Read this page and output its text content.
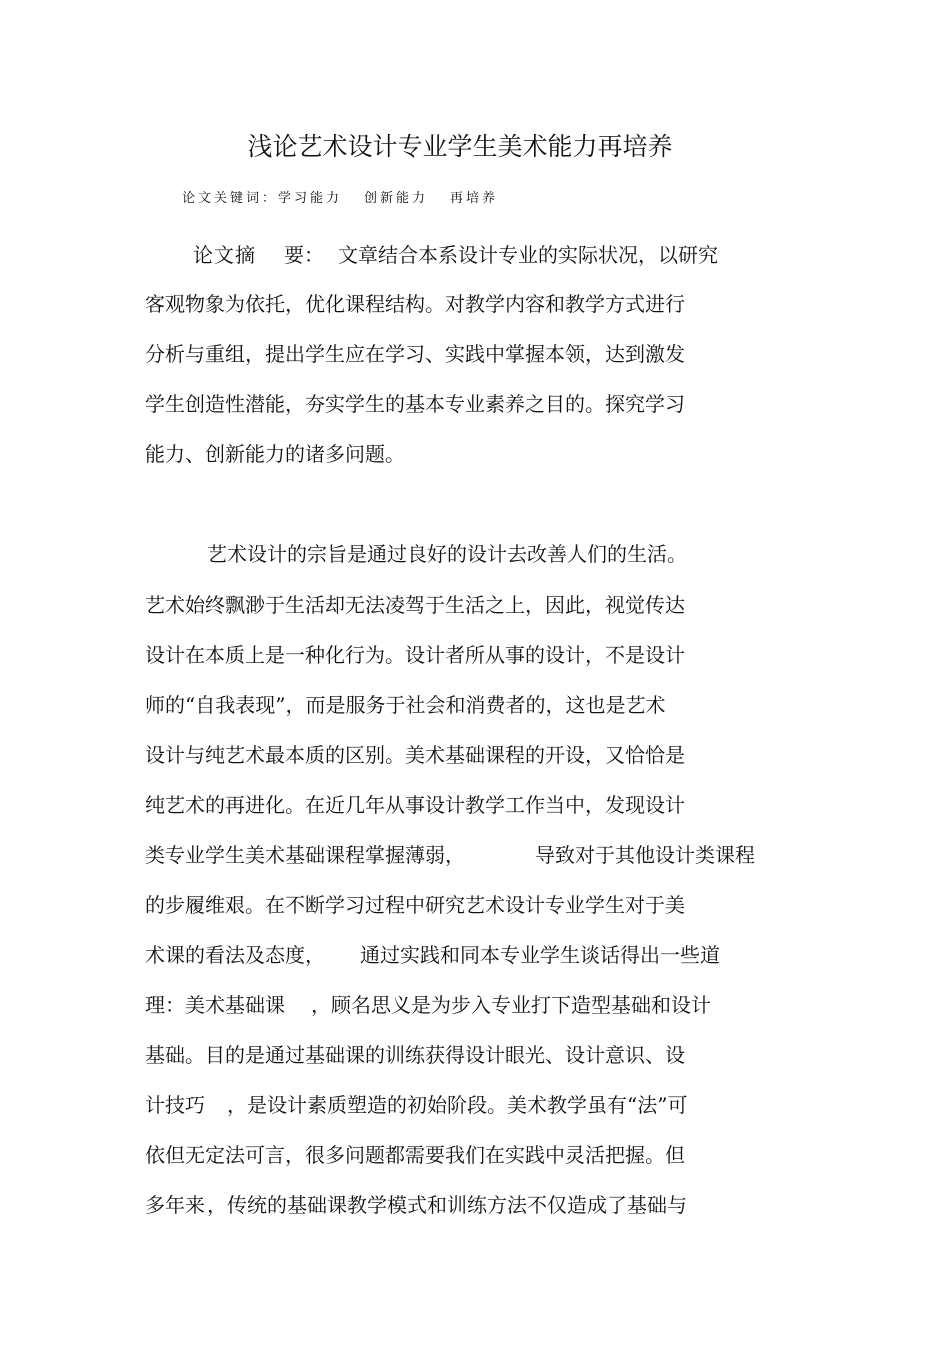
浅论艺术设计专业学生美术能力再培养
论文关键词：学习能力 创新能力 再培养
论文摘 要： 文章结合本系设计专业的实际状况，以研究
客观物象为依托，优化课程结构。对教学内容和教学方式进行
分析与重组，提出学生应在学习、实践中掌握本领，达到激发
学生创造性潜能，夯实学生的基本专业素养之目的。探究学习
能力、创新能力的诸多问题。
艺术设计的宗旨是通过良好的设计去改善人们的生活。
艺术始终飘渺于生活却无法凌驾于生活之上，因此，视觉传达
设计在本质上是一种化行为。设计者所从事的设计，不是设计
师的“自我表现”，而是服务于社会和消费者的，这也是艺术
设计与纯艺术最本质的区别。美术基础课程的开设，又恰恰是
纯艺术的再进化。在近几年从事设计教学工作当中，发现设计
类专业学生美术基础课程掌握薄弱，	导致对于其他设计类课程
的步履维艰。在不断学习过程中研究艺术设计专业学生对于美
术课的看法及态度， 通过实践和同本专业学生谈话得出一些道
理：美术基础课 ，顾名思义是为步入专业打下造型基础和设计
基础。目的是通过基础课的训练获得设计眼光、设计意识、设
计技巧 ，是设计素质塑造的初始阶段。美术教学虽有“法”可
依但无定法可言，很多问题都需要我们在实践中灵活把握。但
多年来 ，传统的基础课教学模式和训练方法不仅造成了基础与
